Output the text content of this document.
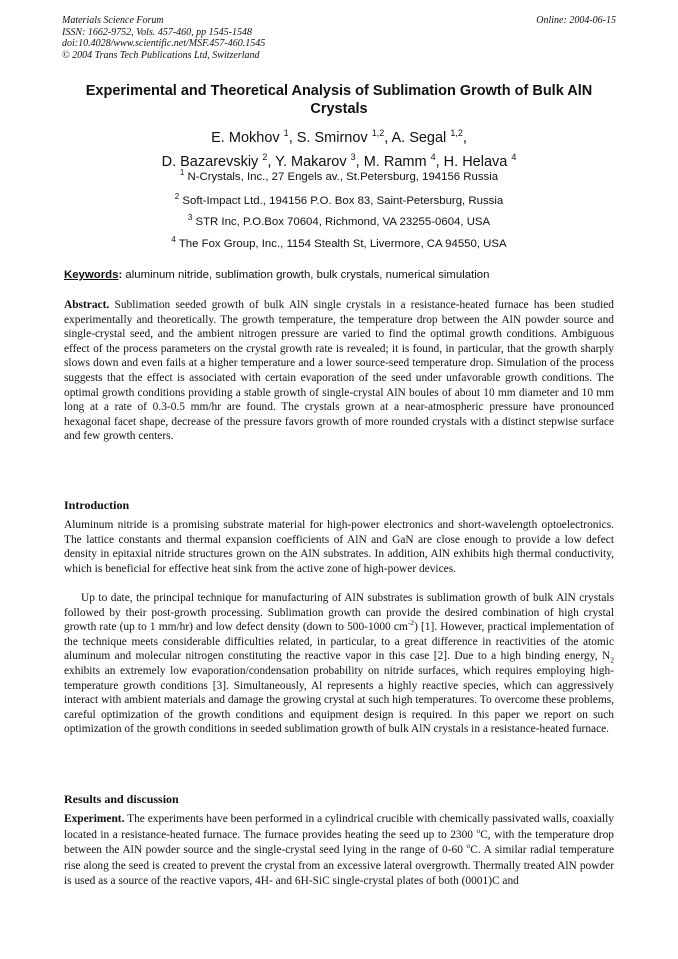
Materials Science Forum
ISSN: 1662-9752, Vols. 457-460, pp 1545-1548
doi:10.4028/www.scientific.net/MSF.457-460.1545
© 2004 Trans Tech Publications Ltd, Switzerland
Online: 2004-06-15
Experimental and Theoretical Analysis of Sublimation Growth of Bulk AlN Crystals
E. Mokhov $^1$, S. Smirnov $^{1,2}$, A. Segal $^{1,2}$,
D. Bazarevskiy $^2$, Y. Makarov $^3$, M. Ramm $^4$, H. Helava $^4$
$^1$ N-Crystals, Inc., 27 Engels av., St.Petersburg, 194156 Russia
$^2$ Soft-Impact Ltd., 194156 P.O. Box 83, Saint-Petersburg, Russia
$^3$ STR Inc, P.O.Box 70604, Richmond, VA 23255-0604, USA
$^4$ The Fox Group, Inc., 1154 Stealth St, Livermore, CA 94550, USA
Keywords: aluminum nitride, sublimation growth, bulk crystals, numerical simulation
Abstract. Sublimation seeded growth of bulk AlN single crystals in a resistance-heated furnace has been studied experimentally and theoretically. The growth temperature, the temperature drop between the AlN powder source and single-crystal seed, and the ambient nitrogen pressure are varied to find the optimal growth conditions. Ambiguous effect of the process parameters on the crystal growth rate is revealed; it is found, in particular, that the growth sharply slows down and even fails at a higher temperature and a lower source-seed temperature drop. Simulation of the process suggests that the effect is associated with certain evaporation of the seed under unfavorable growth conditions. The optimal growth conditions providing a stable growth of single-crystal AlN boules of about 10 mm diameter and 10 mm long at a rate of 0.3-0.5 mm/hr are found. The crystals grown at a near-atmospheric pressure have pronounced hexagonal facet shape, decrease of the pressure favors growth of more rounded crystals with a distinct stepwise surface and few growth centers.
Introduction
Aluminum nitride is a promising substrate material for high-power electronics and short-wavelength optoelectronics. The lattice constants and thermal expansion coefficients of AlN and GaN are close enough to provide a low defect density in epitaxial nitride structures grown on the AlN substrates. In addition, AlN exhibits high thermal conductivity, which is beneficial for effective heat sink from the active zone of high-power devices.
Up to date, the principal technique for manufacturing of AlN substrates is sublimation growth of bulk AlN crystals followed by their post-growth processing. Sublimation growth can provide the desired combination of high crystal growth rate (up to 1 mm/hr) and low defect density (down to 500-1000 $cm^{-2}$) [1]. However, practical implementation of the technique meets considerable difficulties related, in particular, to a great difference in reactivities of the atomic aluminum and molecular nitrogen constituting the reactive vapor in this case [2]. Due to a high binding energy, $N_2$ exhibits an extremely low evaporation/condensation probability on nitride surfaces, which requires employing high-temperature growth conditions [3]. Simultaneously, Al represents a highly reactive species, which can aggressively interact with ambient materials and damage the growing crystal at such high temperatures. To overcome these problems, careful optimization of the growth conditions and equipment design is required. In this paper we report on such optimization of the growth conditions in seeded sublimation growth of bulk AlN crystals in a resistance-heated furnace.
Results and discussion
Experiment. The experiments have been performed in a cylindrical crucible with chemically passivated walls, coaxially located in a resistance-heated furnace. The furnace provides heating the seed up to 2300 $^o$C, with the temperature drop between the AlN powder source and the single-crystal seed lying in the range of 0-60 $^o$C. A similar radial temperature rise along the seed is created to prevent the crystal from an excessive lateral overgrowth. Thermally treated AlN powder is used as a source of the reactive vapors, 4H- and 6H-SiC single-crystal plates of both (0001)C and
